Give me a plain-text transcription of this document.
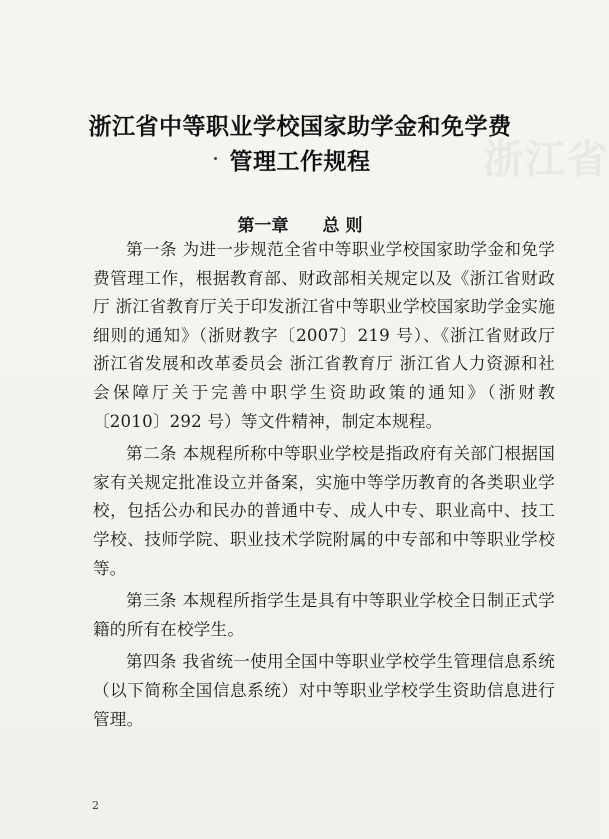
浙江省
浙江省中等职业学校国家助学金和免学费
管理工作规程
第一章 总 则

第一条 为进一步规范全省中等职业学校国家助学金和免学费管理工作，根据教育部、财政部相关规定以及《浙江省财政厅 浙江省教育厅关于印发浙江省中等职业学校国家助学金实施细则的通知》（浙财教字〔2007〕219 号）、《浙江省财政厅 浙江省发展和改革委员会 浙江省教育厅 浙江省人力资源和社会保障厅关于完善中职学生资助政策的通知》（浙财教〔2010〕292 号）等文件精神，制定本规程。

第二条 本规程所称中等职业学校是指政府有关部门根据国家有关规定批准设立并备案，实施中等学历教育的各类职业学校，包括公办和民办的普通中专、成人中专、职业高中、技工学校、技师学院、职业技术学院附属的中专部和中等职业学校等。

第三条 本规程所指学生是具有中等职业学校全日制正式学籍的所有在校学生。

第四条 我省统一使用全国中等职业学校学生管理信息系统（以下简称全国信息系统）对中等职业学校学生资助信息进行管理。

2
